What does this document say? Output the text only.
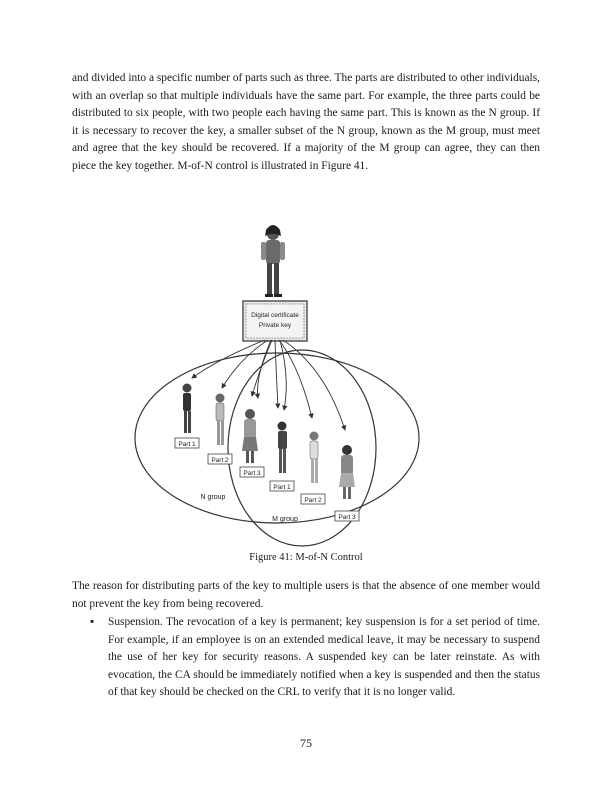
and divided into a specific number of parts such as three. The parts are distributed to other individuals, with an overlap so that multiple individuals have the same part. For example, the three parts could be distributed to six people, with two people each having the same part. This is known as the N group. If it is necessary to recover the key, a smaller subset of the N group, known as the M group, must meet and agree that the key should be recovered. If a majority of the M group can agree, they can then piece the key together. M-of-N control is illustrated in Figure 41.

Digital certificate
Private key
Part 1
Part 2
Part 3
Part 1
Part 2
Part 3
N group
M group
Figure 41: M-of-N Control

The reason for distributing parts of the key to multiple users is that the absence of one member would not prevent the key from being recovered.

▪ Suspension. The revocation of a key is permanent; key suspension is for a set period of time. For example, if an employee is on an extended medical leave, it may be necessary to suspend the use of her key for security reasons. A suspended key can be later reinstate. As with evocation, the CA should be immediately notified when a key is suspended and then the status of that key should be checked on the CRL to verify that it is no longer valid.

75
